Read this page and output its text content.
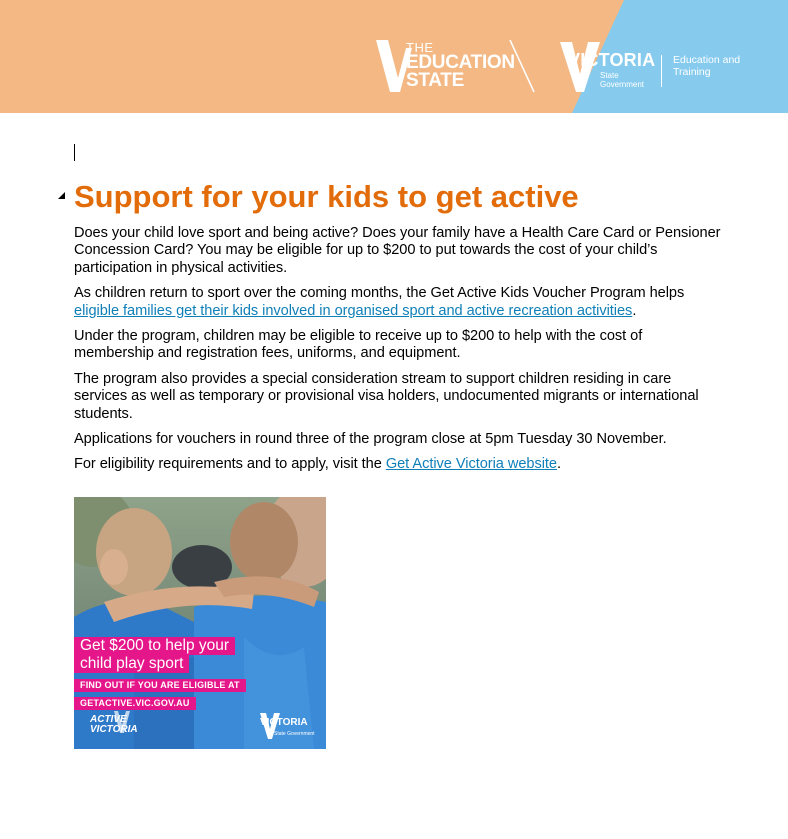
THE
EDUCATION
STATE
VICTORIA
State Government
Education and Training
Support for your kids to get active

Does your child love sport and being active? Does your family have a Health Care Card or Pensioner Concession Card? You may be eligible for up to $200 to put towards the cost of your child’s participation in physical activities.

As children return to sport over the coming months, the Get Active Kids Voucher Program helps eligible families get their kids involved in organised sport and active recreation activities.

Under the program, children may be eligible to receive up to $200 to help with the cost of membership and registration fees, uniforms, and equipment.

The program also provides a special consideration stream to support children residing in care services as well as temporary or provisional visa holders, undocumented migrants or international students.

Applications for vouchers in round three of the program close at 5pm Tuesday 30 November.

For eligibility requirements and to apply, visit the Get Active Victoria website.

Get $200 to help your
child play sport
FIND OUT IF YOU ARE ELIGIBLE AT
GETACTIVE.VIC.GOV.AU
ACTIVE
VICTORIA
VICTORIA
State Government
